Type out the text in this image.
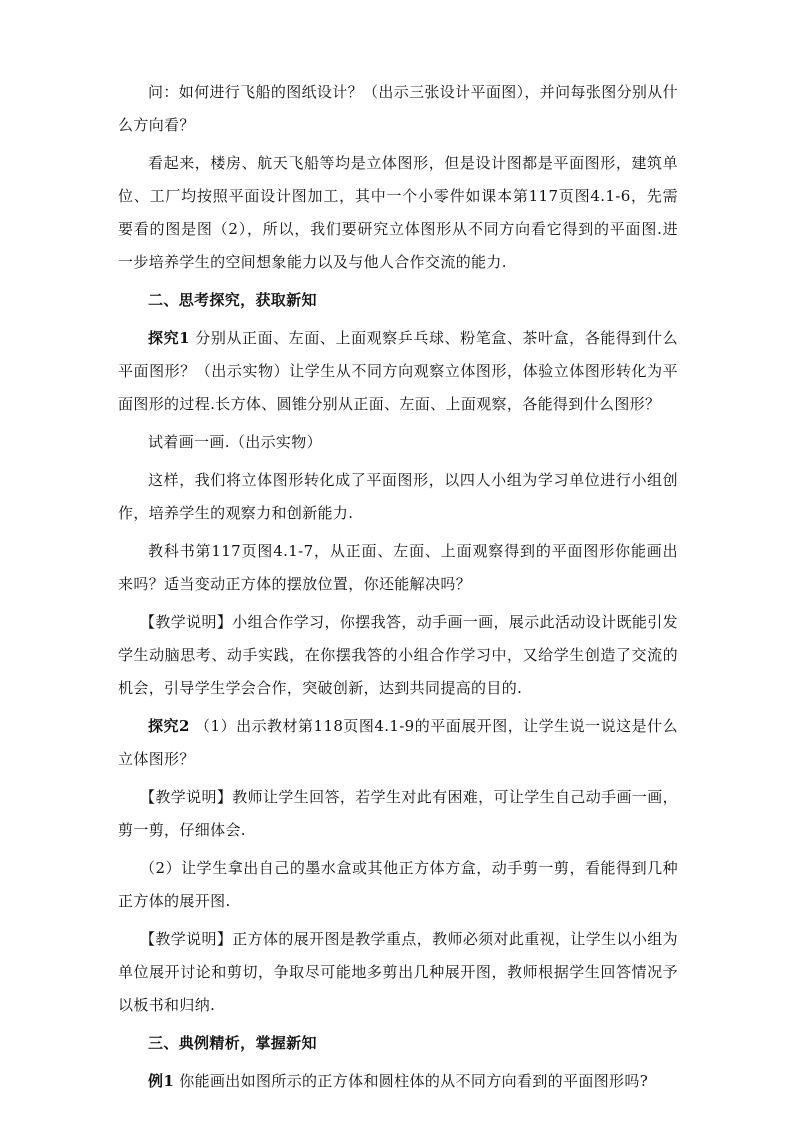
问：如何进行飞船的图纸设计？（出示三张设计平面图），并问每张图分别从什么方向看？

看起来，楼房、航天飞船等均是立体图形，但是设计图都是平面图形，建筑单位、工厂均按照平面设计图加工，其中一个小零件如课本第117页图4.1-6，先需要看的图是图（2），所以，我们要研究立体图形从不同方向看它得到的平面图.进一步培养学生的空间想象能力以及与他人合作交流的能力.

二、思考探究，获取新知

探究1 分别从正面、左面、上面观察乒乓球、粉笔盒、茶叶盒，各能得到什么平面图形？（出示实物）让学生从不同方向观察立体图形，体验立体图形转化为平面图形的过程.长方体、圆锥分别从正面、左面、上面观察，各能得到什么图形？

试着画一画.（出示实物）

这样，我们将立体图形转化成了平面图形，以四人小组为学习单位进行小组创作，培养学生的观察力和创新能力.

教科书第117页图4.1-7，从正面、左面、上面观察得到的平面图形你能画出来吗？适当变动正方体的摆放位置，你还能解决吗？

【教学说明】小组合作学习，你摆我答，动手画一画，展示此活动设计既能引发学生动脑思考、动手实践，在你摆我答的小组合作学习中，又给学生创造了交流的机会，引导学生学会合作，突破创新，达到共同提高的目的.

探究2 （1）出示教材第118页图4.1-9的平面展开图，让学生说一说这是什么立体图形？

【教学说明】教师让学生回答，若学生对此有困难，可让学生自己动手画一画，剪一剪，仔细体会.

（2）让学生拿出自己的墨水盒或其他正方体方盒，动手剪一剪，看能得到几种正方体的展开图.

【教学说明】正方体的展开图是教学重点，教师必须对此重视，让学生以小组为单位展开讨论和剪切，争取尽可能地多剪出几种展开图，教师根据学生回答情况予以板书和归纳.

三、典例精析，掌握新知

例1 你能画出如图所示的正方体和圆柱体的从不同方向看到的平面图形吗?
